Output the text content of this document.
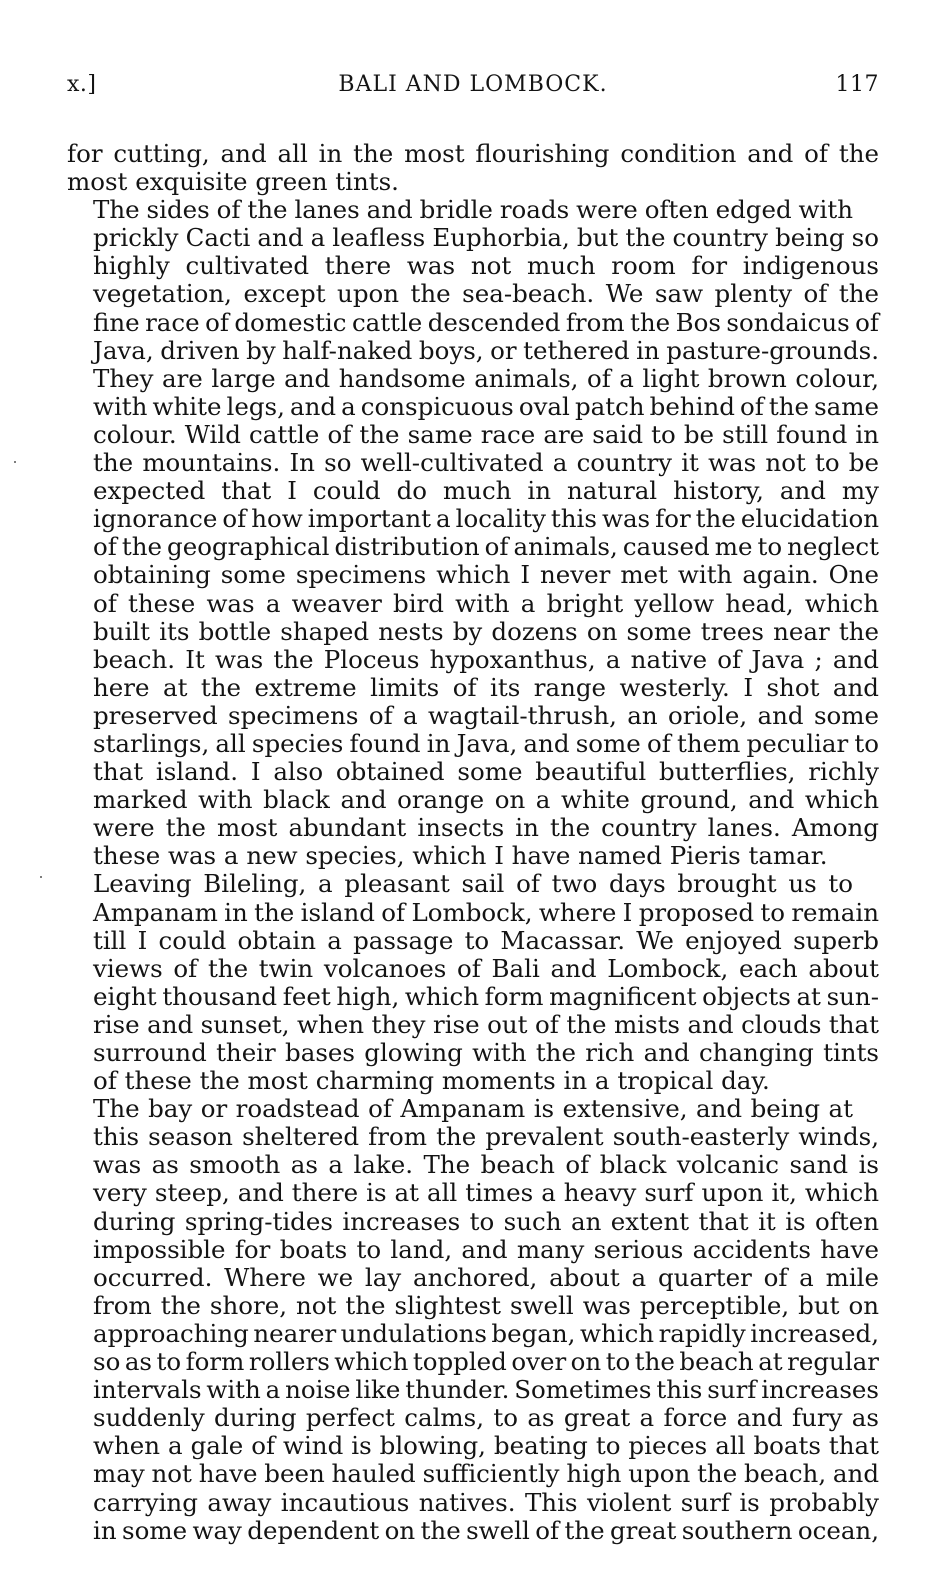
x.]	BALI AND LOMBOCK.	117

for cutting, and all in the most flourishing condition and of the
most exquisite green tints.

The sides of the lanes and bridle roads were often edged with
prickly Cacti and a leafless Euphorbia, but the country being so
highly cultivated there was not much room for indigenous
vegetation, except upon the sea-beach. We saw plenty of the
fine race of domestic cattle descended from the Bos sondaicus of
Java, driven by half-naked boys, or tethered in pasture-grounds.
They are large and handsome animals, of a light brown colour,
with white legs, and a conspicuous oval patch behind of the same
colour. Wild cattle of the same race are said to be still found in
the mountains. In so well-cultivated a country it was not to be
expected that I could do much in natural history, and my
ignorance of how important a locality this was for the elucidation
of the geographical distribution of animals, caused me to neglect
obtaining some specimens which I never met with again. One
of these was a weaver bird with a bright yellow head, which
built its bottle shaped nests by dozens on some trees near the
beach. It was the Ploceus hypoxanthus, a native of Java ; and
here at the extreme limits of its range westerly. I shot and
preserved specimens of a wagtail-thrush, an oriole, and some
starlings, all species found in Java, and some of them peculiar to
that island. I also obtained some beautiful butterflies, richly
marked with black and orange on a white ground, and which
were the most abundant insects in the country lanes. Among
these was a new species, which I have named Pieris tamar.

Leaving Bileling, a pleasant sail of two days brought us to
Ampanam in the island of Lombock, where I proposed to remain
till I could obtain a passage to Macassar. We enjoyed superb
views of the twin volcanoes of Bali and Lombock, each about
eight thousand feet high, which form magnificent objects at sun-
rise and sunset, when they rise out of the mists and clouds that
surround their bases glowing with the rich and changing tints
of these the most charming moments in a tropical day.

The bay or roadstead of Ampanam is extensive, and being at
this season sheltered from the prevalent south-easterly winds,
was as smooth as a lake. The beach of black volcanic sand is
very steep, and there is at all times a heavy surf upon it, which
during spring-tides increases to such an extent that it is often
impossible for boats to land, and many serious accidents have
occurred. Where we lay anchored, about a quarter of a mile
from the shore, not the slightest swell was perceptible, but on
approaching nearer undulations began, which rapidly increased,
so as to form rollers which toppled over on to the beach at regular
intervals with a noise like thunder. Sometimes this surf increases
suddenly during perfect calms, to as great a force and fury as
when a gale of wind is blowing, beating to pieces all boats that
may not have been hauled sufficiently high upon the beach, and
carrying away incautious natives. This violent surf is probably
in some way dependent on the swell of the great southern ocean,
